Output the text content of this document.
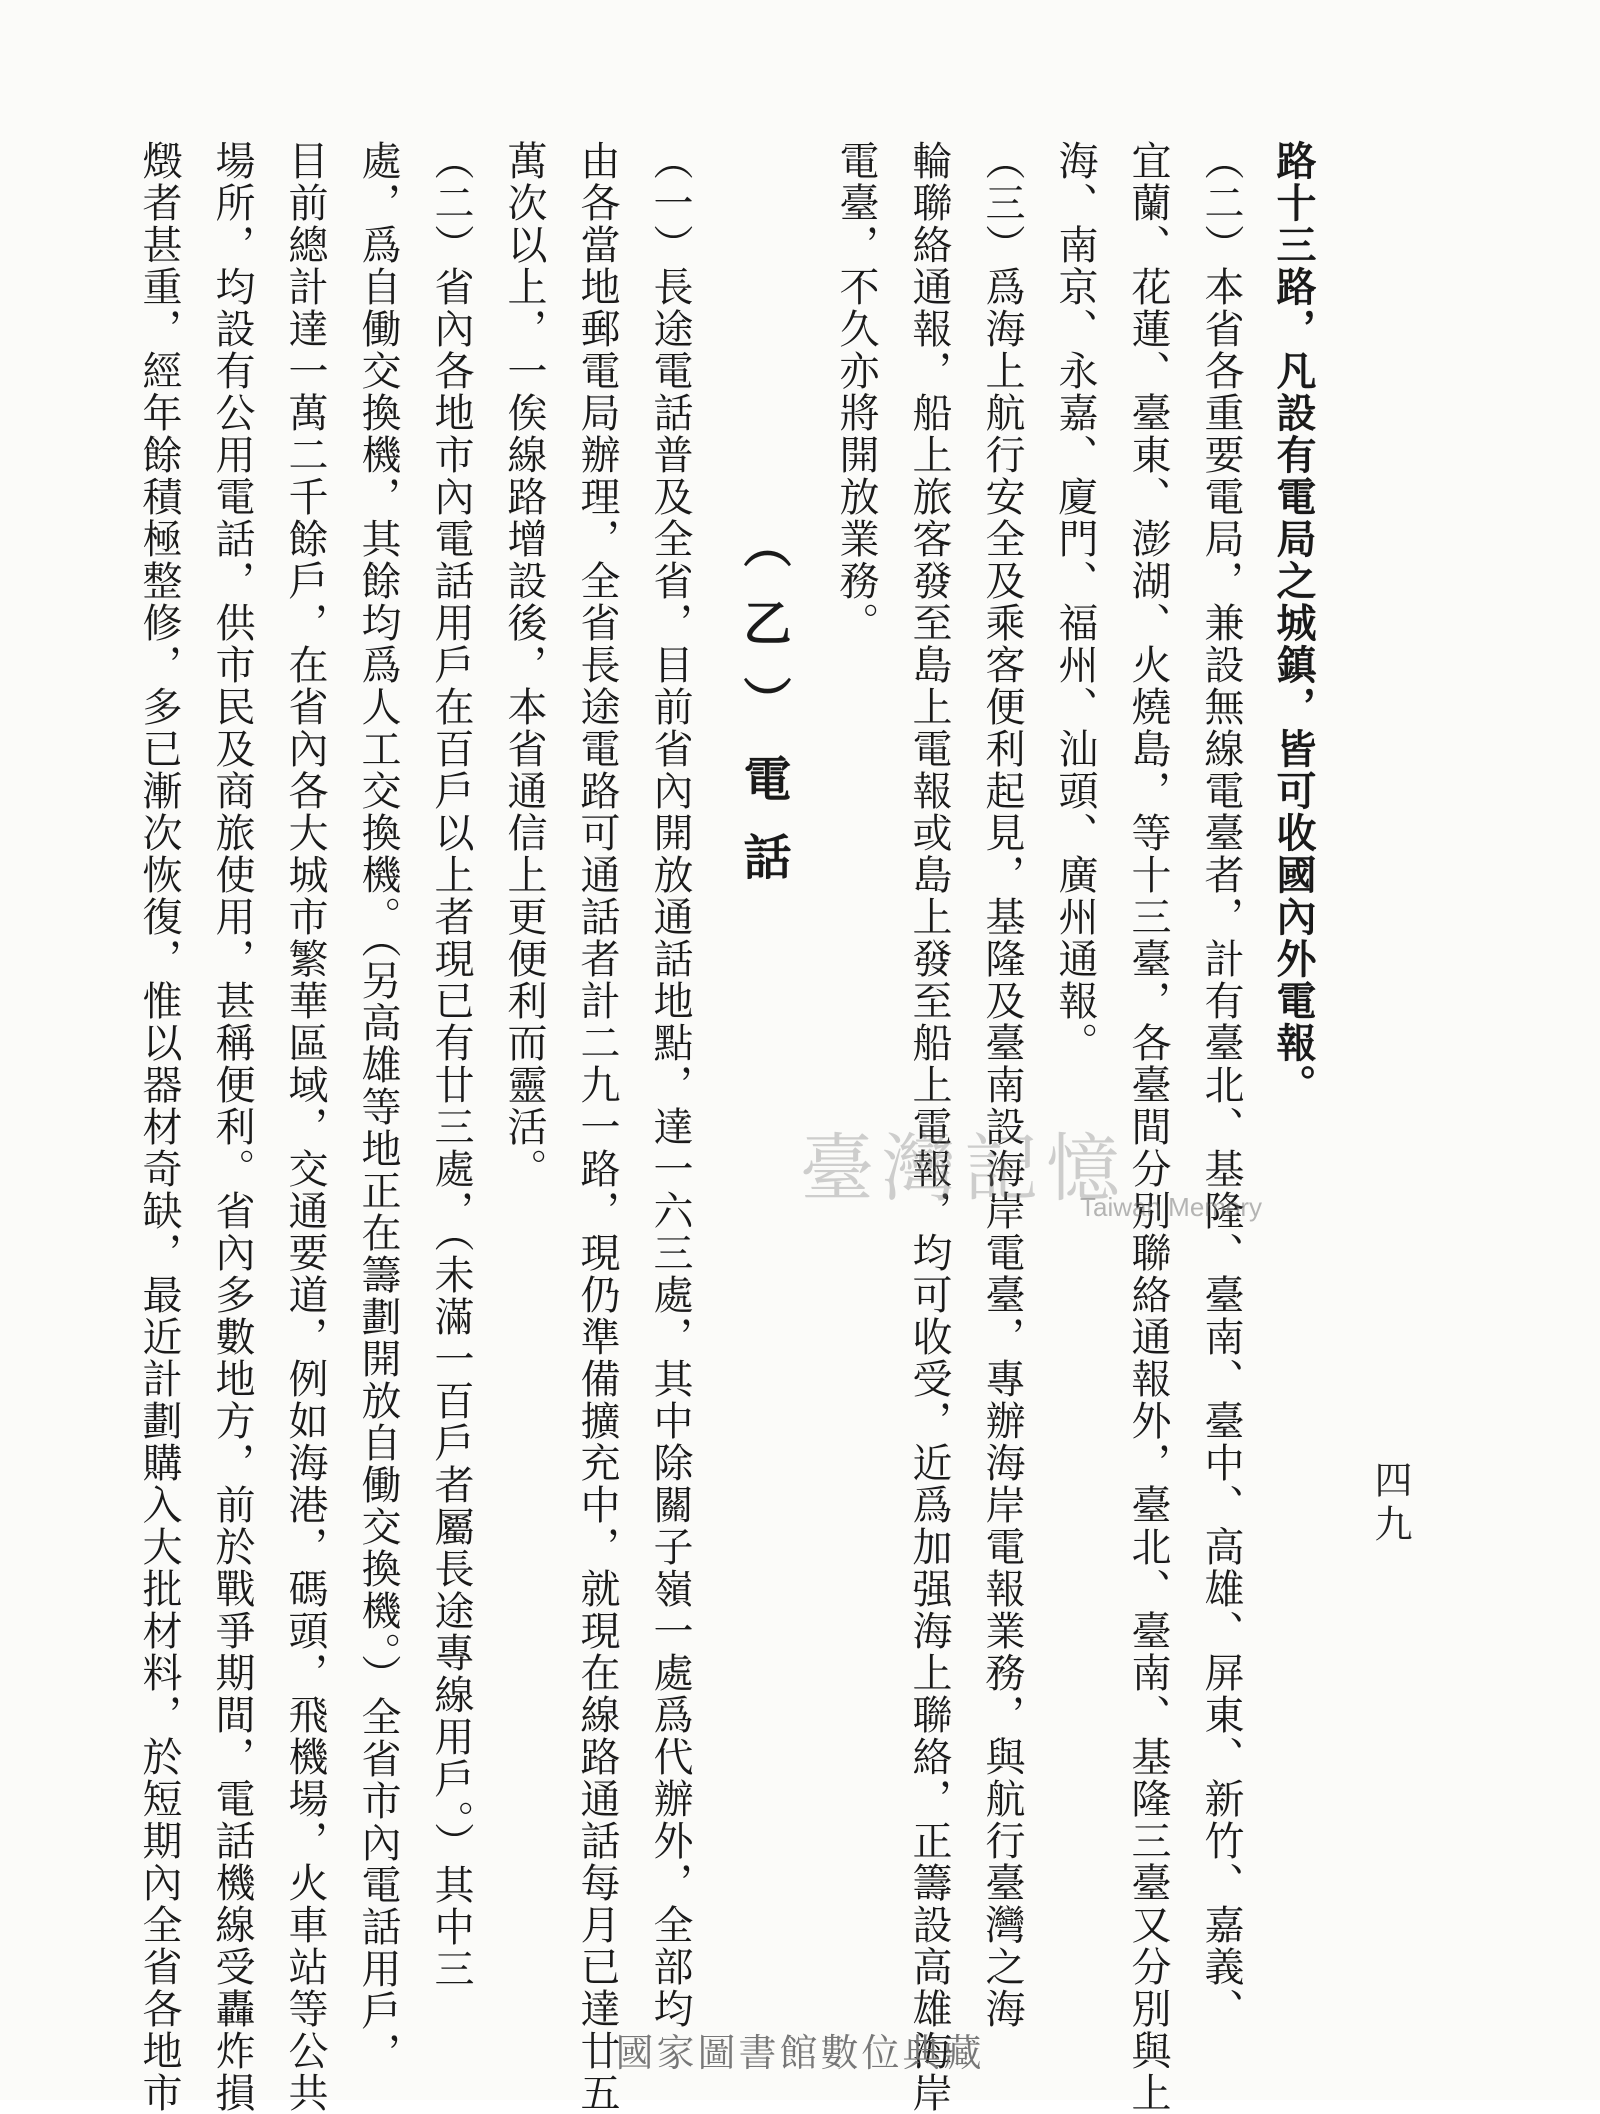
路十三路，凡設有電局之城鎮，皆可收國內外電報。
（二）本省各重要電局，兼設無線電臺者，計有臺北、基隆、臺南、臺中、高雄、屏東、新竹、嘉義、
宜蘭、花蓮、臺東、澎湖、火燒島，等十三臺，各臺間分別聯絡通報外，臺北、臺南、基隆三臺又分別與上
海、南京、永嘉、廈門、福州、汕頭、廣州通報。
（三）爲海上航行安全及乘客便利起見，基隆及臺南設海岸電臺，專辦海岸電報業務，與航行臺灣之海
輪聯絡通報，船上旅客發至島上電報或島上發至船上電報，均可收受，近爲加强海上聯絡，正籌設高雄海岸
電臺，不久亦將開放業務。
（乙）電話
（一）長途電話普及全省，目前省內開放通話地點，達一六三處，其中除關子嶺一處爲代辦外，全部均
由各當地郵電局辦理，全省長途電路可通話者計二九一路，現仍準備擴充中，就現在線路通話每月已達廿五
萬次以上，一俟線路增設後，本省通信上更便利而靈活。
（二）省內各地市內電話用戶在百戶以上者現已有廿三處，（未滿一百戶者屬長途專線用戶。）其中三
處，爲自働交換機，其餘均爲人工交換機。（另高雄等地正在籌劃開放自働交換機。）全省市內電話用戶，
目前總計達一萬二千餘戶，在省內各大城市繁華區域，交通要道，例如海港，碼頭，飛機場，火車站等公共
場所，均設有公用電話，供市民及商旅使用，甚稱便利。省內多數地方，前於戰爭期間，電話機線受轟炸損
燬者甚重，經年餘積極整修，多已漸次恢復，惟以器材奇缺，最近計劃購入大批材料，於短期內全省各地市	四九
臺灣記憶
Taiwan Memory
國家圖書館數位典藏
